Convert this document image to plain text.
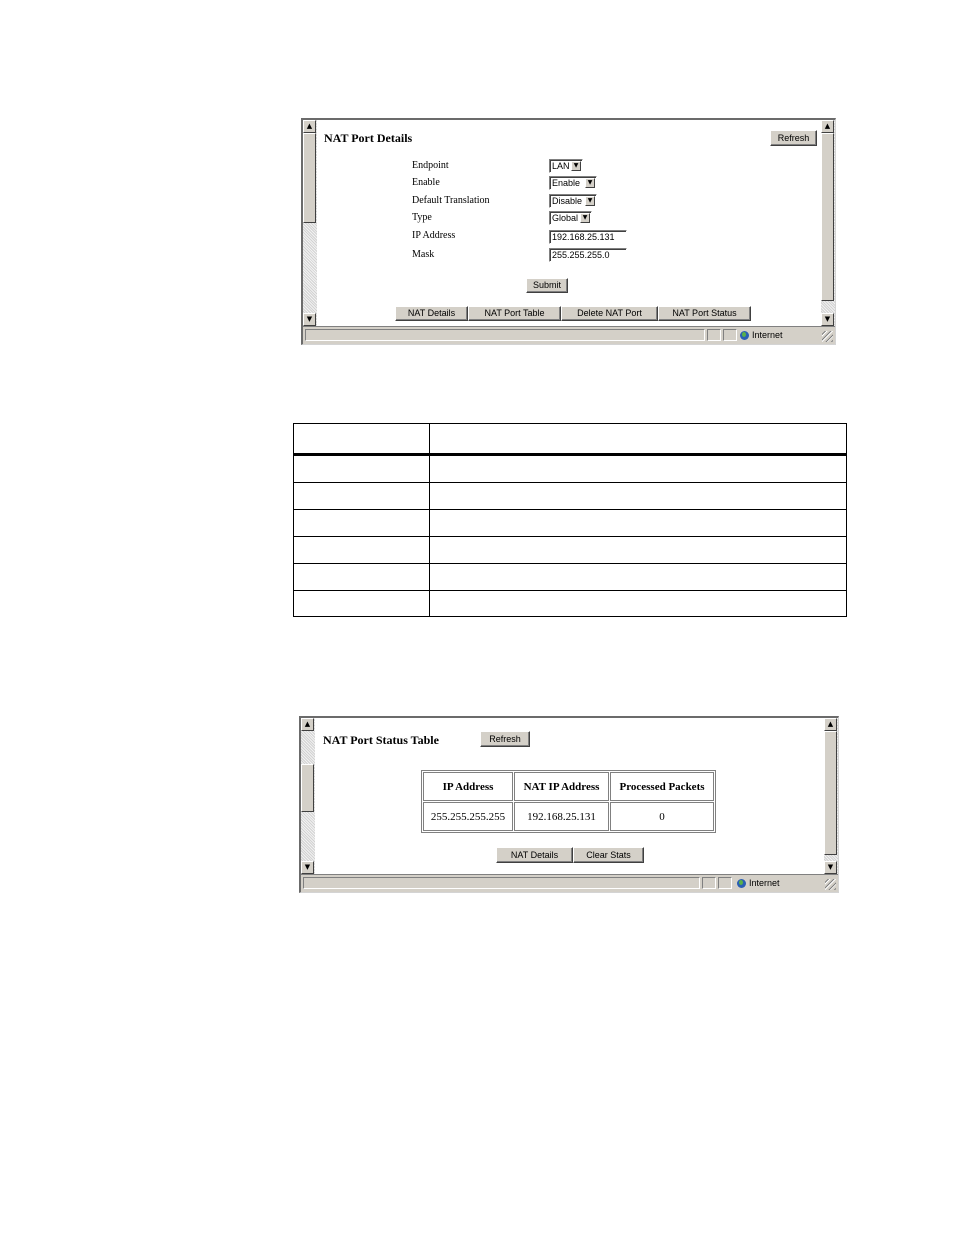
▲
▼
NAT Port Details	Refresh
Endpoint	LAN ▼
Enable	Enable	▼
Default Translation	Disable ▼
Type	Global ▼
IP Address	192.168.25.131
Mask	255.255.255.0
Submit
NAT Details	NAT Port Table	Delete NAT Port	NAT Port Status
▲
▼
Internet
▲
▼
NAT Port Status Table	Refresh
▲
▼
Internet
IP Address	NAT IP Address	Processed Packets
255.255.255.255	192.168.25.131	0
NAT Details	Clear Stats
